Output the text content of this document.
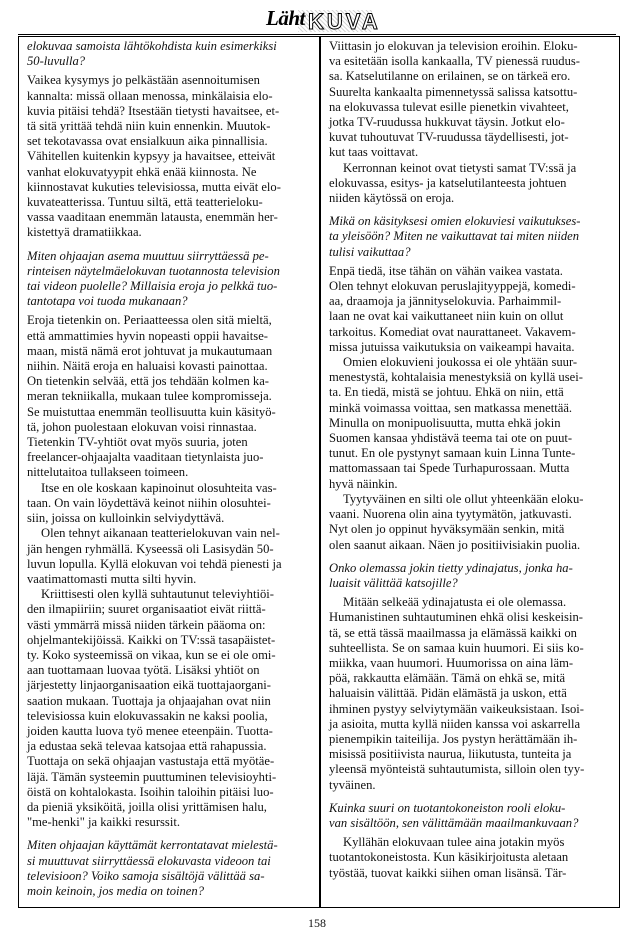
KUVA
Läht
elokuvaa samoista lähtökohdista kuin esimerkiksi
50-luvulla?
Vaikea kysymys jo pelkästään asennoitumisen
kannalta: missä ollaan menossa, minkälaisia elo-
kuvia pitäisi tehdä? Itsestään tietysti havaitsee, et-
tä sitä yrittää tehdä niin kuin ennenkin. Muutok-
set tekotavassa ovat ensialkuun aika pinnallisia.
Vähitellen kuitenkin kypsyy ja havaitsee, etteivät
vanhat elokuvatyypit ehkä enää kiinnosta. Ne
kiinnostavat kukuties televisiossa, mutta eivät elo-
kuvateatterissa. Tuntuu siltä, että teatterieloku-
vassa vaaditaan enemmän latausta, enemmän her-
kistettyä dramatiikkaa.
Miten ohjaajan asema muuttuu siirryttäessä pe-
rinteisen näytelmäelokuvan tuotannosta television
tai videon puolelle? Millaisia eroja jo pelkkä tuo-
tantotapa voi tuoda mukanaan?
Eroja tietenkin on. Periaatteessa olen sitä mieltä,
että ammattimies hyvin nopeasti oppii havaitse-
maan, mistä nämä erot johtuvat ja mukautumaan
niihin. Näitä eroja en haluaisi kovasti painottaa.
On tietenkin selvää, että jos tehdään kolmen ka-
meran tekniikalla, mukaan tulee kompromisseja.
Se muistuttaa enemmän teollisuutta kuin käsityö-
tä, johon puolestaan elokuvan voisi rinnastaa.
Tietenkin TV-yhtiöt ovat myös suuria, joten
freelancer-ohjaajalta vaaditaan tietynlaista juo-
nittelutaitoa tullakseen toimeen.
Itse en ole koskaan kapinoinut olosuhteita vas-
taan. On vain löydettävä keinot niihin olosuhtei-
siin, joissa on kulloinkin selviydyttävä.
Olen tehnyt aikanaan teatterielokuvan vain nel-
jän hengen ryhmällä. Kyseessä oli Lasisydän 50-
luvun lopulla. Kyllä elokuvan voi tehdä pienesti ja
vaatimattomasti mutta silti hyvin.
Kriittisesti olen kyllä suhtautunut televiyhtiöi-
den ilmapiiriin; suuret organisaatiot eivät riittä-
västi ymmärrä missä niiden tärkein pääoma on:
ohjelmantekijöissä. Kaikki on TV:ssä tasapäistet-
ty. Koko systeemissä on vikaa, kun se ei ole omi-
aan tuottamaan luovaa työtä. Lisäksi yhtiöt on
järjestetty linjaorganisaation eikä tuottajaorgani-
saation mukaan. Tuottaja ja ohjaajahan ovat niin
televisiossa kuin elokuvassakin ne kaksi poolia,
joiden kautta luova työ menee eteenpäin. Tuotta-
ja edustaa sekä televaa katsojaa että rahapussia.
Tuottaja on sekä ohjaajan vastustaja että myötäe-
läjä. Tämän systeemin puuttuminen televisioyhti-
öistä on kohtalokasta. Isoihin taloihin pitäisi luo-
da pieniä yksiköitä, joilla olisi yrittämisen halu,
"me-henki" ja kaikki resurssit.
Miten ohjaajan käyttämät kerrontatavat mielestä-
si muuttuvat siirryttäessä elokuvasta videoon tai
televisioon? Voiko samoja sisältöjä välittää sa-
moin keinoin, jos media on toinen?
Viittasin jo elokuvan ja television eroihin. Eloku-
va esitetään isolla kankaalla, TV pienessä ruudus-
sa. Katselutilanne on erilainen, se on tärkeä ero.
Suurelta kankaalta pimennetyssä salissa katsottu-
na elokuvassa tulevat esille pienetkin vivahteet,
jotka TV-ruudussa hukkuvat täysin. Jotkut elo-
kuvat tuhoutuvat TV-ruudussa täydellisesti, jot-
kut taas voittavat.
Kerronnan keinot ovat tietysti samat TV:ssä ja
elokuvassa, esitys- ja katselutilanteesta johtuen
niiden käytössä on eroja.
Mikä on käsityksesi omien elokuviesi vaikutukses-
ta yleisöön? Miten ne vaikuttavat tai miten niiden
tulisi vaikuttaa?
Enpä tiedä, itse tähän on vähän vaikea vastata.
Olen tehnyt elokuvan peruslajityyppejä, komedi-
aa, draamoja ja jännityselokuvia. Parhaimmil-
laan ne ovat kai vaikuttaneet niin kuin on ollut
tarkoitus. Komediat ovat naurattaneet. Vakavem-
missa jutuissa vaikutuksia on vaikeampi havaita.
Omien elokuvieni joukossa ei ole yhtään suur-
menestystä, kohtalaisia menestyksiä on kyllä usei-
ta. En tiedä, mistä se johtuu. Ehkä on niin, että
minkä voimassa voittaa, sen matkassa menettää.
Minulla on monipuolisuutta, mutta ehkä jokin
Suomen kansaa yhdistävä teema tai ote on puut-
tunut. En ole pystynyt samaan kuin Linna Tunte-
mattomassaan tai Spede Turhapurossaan. Mutta
hyvä näinkin.
Tyytyväinen en silti ole ollut yhteenkään eloku-
vaani. Nuorena olin aina tyytymätön, jatkuvasti.
Nyt olen jo oppinut hyväksymään senkin, mitä
olen saanut aikaan. Näen jo positiivisiakin puolia.
Onko olemassa jokin tietty ydinajatus, jonka ha-
luaisit välittää katsojille?
Mitään selkeää ydinajatusta ei ole olemassa.
Humanistinen suhtautuminen ehkä olisi keskeisin-
tä, se että tässä maailmassa ja elämässä kaikki on
suhteellista. Se on samaa kuin huumori. Ei siis ko-
miikka, vaan huumori. Huumorissa on aina läm-
pöä, rakkautta elämään. Tämä on ehkä se, mitä
haluaisin välittää. Pidän elämästä ja uskon, että
ihminen pystyy selviytymään vaikeuksistaan. Isoi-
ja asioita, mutta kyllä niiden kanssa voi askarrella
pienempikin taiteilija. Jos pystyn herättämään ih-
misissä positiivista naurua, liikutusta, tunteita ja
yleensä myönteistä suhtautumista, silloin olen tyy-
tyväinen.
Kuinka suuri on tuotantokoneiston rooli eloku-
van sisältöön, sen välittämään maailmankuvaan?
Kyllähän elokuvaan tulee aina jotakin myös
tuotantokoneistosta. Kun käsikirjoitusta aletaan
työstää, tuovat kaikki siihen oman lisänsä. Tär-
158
